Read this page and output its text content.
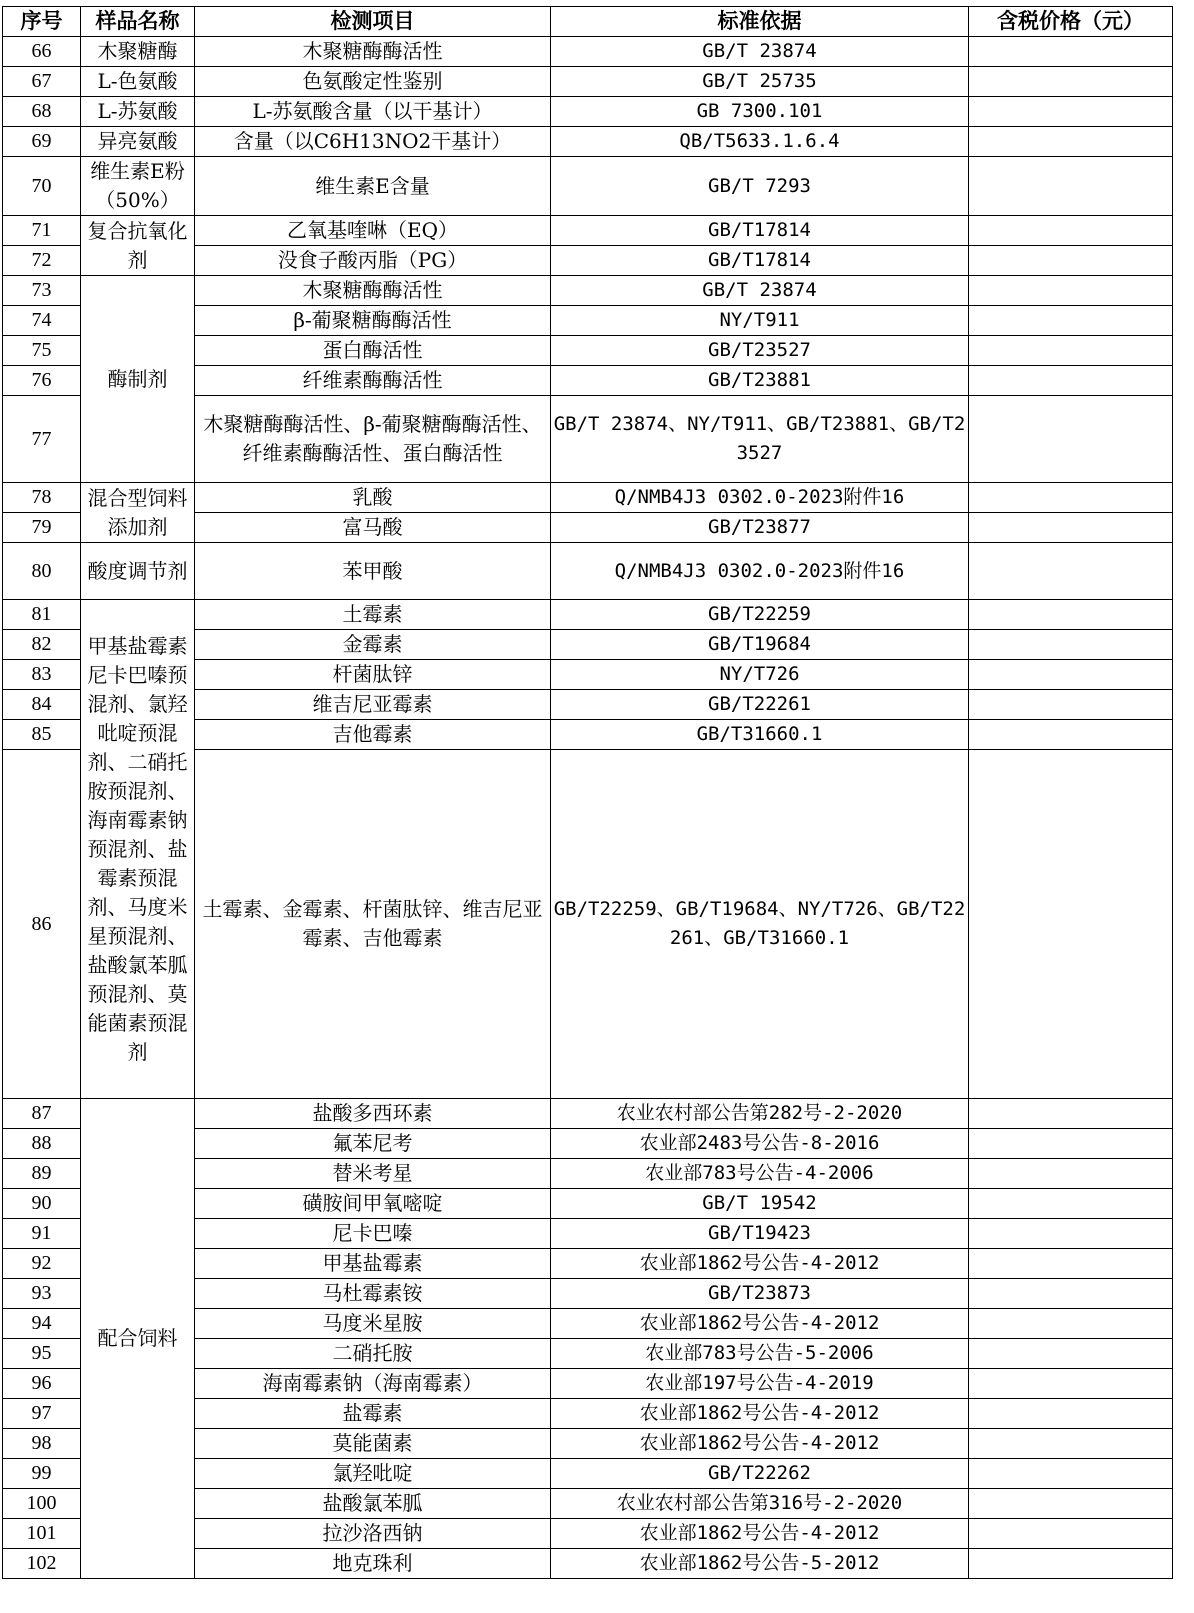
序号	样品名称	检测项目	标准依据	含税价格（元）
66	木聚糖酶	木聚糖酶酶活性	GB/T 23874	
67	L-色氨酸	色氨酸定性鉴别	GB/T 25735	
68	L-苏氨酸	L-苏氨酸含量（以干基计）	GB 7300.101	
69	异亮氨酸	含量（以C6H13NO2干基计）	QB/T5633.1.6.4	
70	维生素E粉（50%）	维生素E含量	GB/T 7293	
71	复合抗氧化剂	乙氧基喹啉（EQ）	GB/T17814	
72		没食子酸丙脂（PG）	GB/T17814	
73	酶制剂	木聚糖酶酶活性	GB/T 23874	
74		β-葡聚糖酶酶活性	NY/T911	
75		蛋白酶活性	GB/T23527	
76		纤维素酶酶活性	GB/T23881	
77		木聚糖酶酶活性、β-葡聚糖酶酶活性、纤维素酶酶活性、蛋白酶活性	GB/T 23874、NY/T911、GB/T23881、GB/T23527	
78	混合型饲料添加剂	乳酸	Q/NMB4J3 0302.0-2023附件16	
79		富马酸	GB/T23877	
80	酸度调节剂	苯甲酸	Q/NMB4J3 0302.0-2023附件16	
81	甲基盐霉素尼卡巴嗪预混剂、氯羟吡啶预混剂、二硝托胺预混剂、海南霉素钠预混剂、盐霉素预混剂、马度米星预混剂、盐酸氯苯胍预混剂、莫能菌素预混剂	土霉素	GB/T22259	
82		金霉素	GB/T19684	
83		杆菌肽锌	NY/T726	
84		维吉尼亚霉素	GB/T22261	
85		吉他霉素	GB/T31660.1	
86		土霉素、金霉素、杆菌肽锌、维吉尼亚霉素、吉他霉素	GB/T22259、GB/T19684、NY/T726、GB/T22261、GB/T31660.1	
87	配合饲料	盐酸多西环素	农业农村部公告第282号-2-2020	
88		氟苯尼考	农业部2483号公告-8-2016	
89		替米考星	农业部783号公告-4-2006	
90		磺胺间甲氧嘧啶	GB/T 19542	
91		尼卡巴嗪	GB/T19423	
92		甲基盐霉素	农业部1862号公告-4-2012	
93		马杜霉素铵	GB/T23873	
94		马度米星胺	农业部1862号公告-4-2012	
95		二硝托胺	农业部783号公告-5-2006	
96		海南霉素钠（海南霉素）	农业部197号公告-4-2019	
97		盐霉素	农业部1862号公告-4-2012	
98		莫能菌素	农业部1862号公告-4-2012	
99		氯羟吡啶	GB/T22262	
100		盐酸氯苯胍	农业农村部公告第316号-2-2020	
101		拉沙洛西钠	农业部1862号公告-4-2012	
102		地克珠利	农业部1862号公告-5-2012	
